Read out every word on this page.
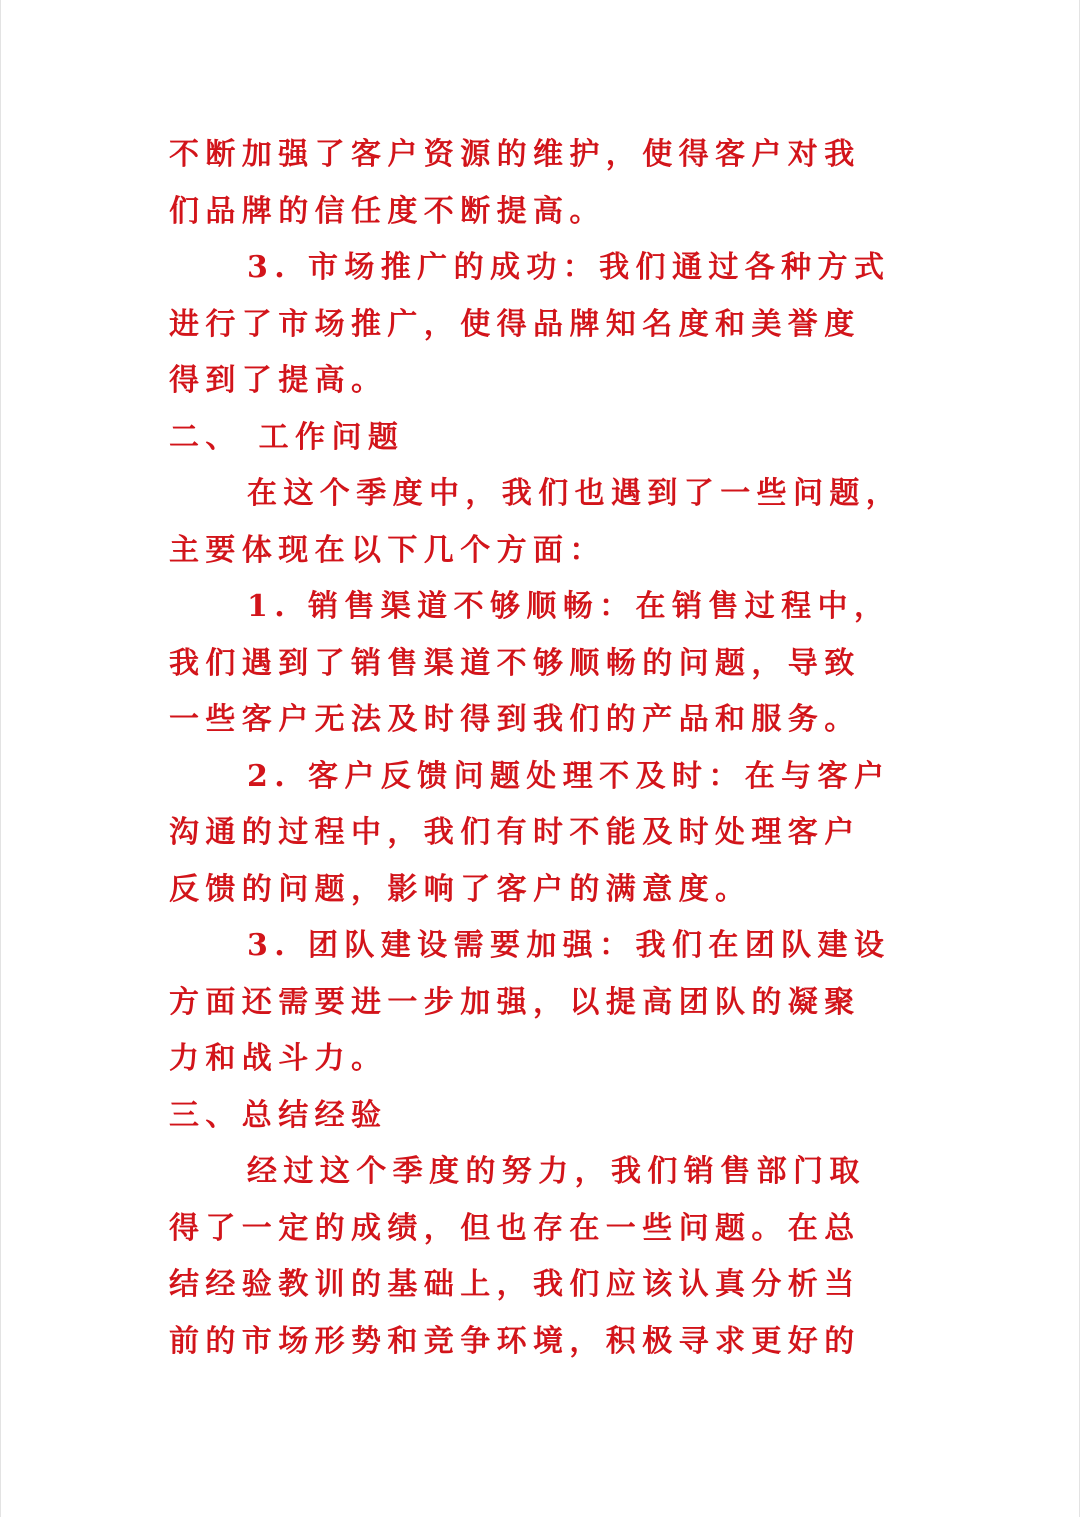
不断加强了客户资源的维护，使得客户对我
们品牌的信任度不断提高。
3. 市场推广的成功：我们通过各种方式
进行了市场推广，使得品牌知名度和美誉度
得到了提高。
二、 工作问题
在这个季度中，我们也遇到了一些问题，
主要体现在以下几个方面：
1. 销售渠道不够顺畅：在销售过程中，
我们遇到了销售渠道不够顺畅的问题，导致
一些客户无法及时得到我们的产品和服务。
2. 客户反馈问题处理不及时：在与客户
沟通的过程中，我们有时不能及时处理客户
反馈的问题，影响了客户的满意度。
3. 团队建设需要加强：我们在团队建设
方面还需要进一步加强，以提高团队的凝聚
力和战斗力。
三、总结经验
经过这个季度的努力，我们销售部门取
得了一定的成绩，但也存在一些问题。在总
结经验教训的基础上，我们应该认真分析当
前的市场形势和竞争环境，积极寻求更好的
